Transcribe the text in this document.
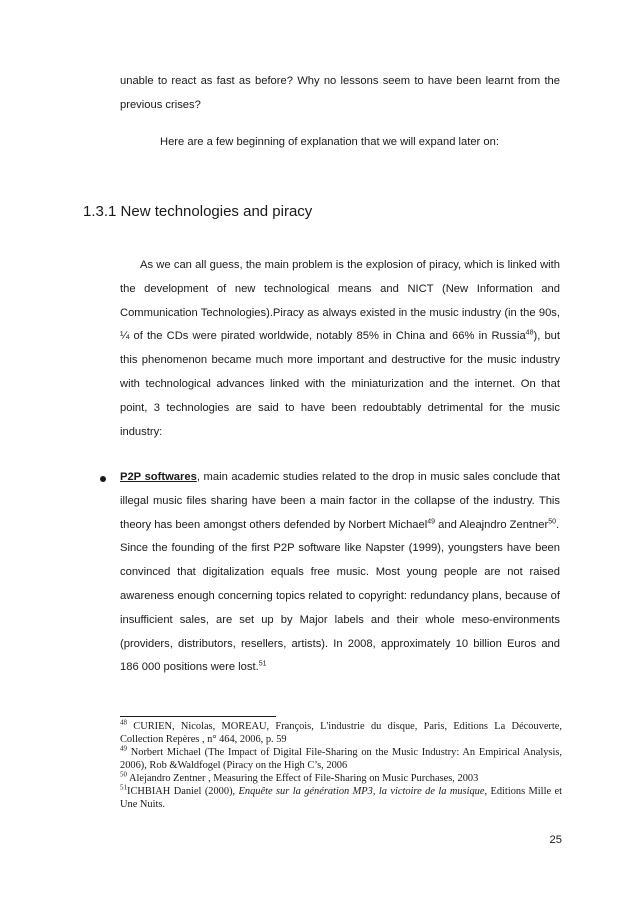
unable to react as fast as before? Why no lessons seem to have been learnt from the previous crises?

Here are a few beginning of explanation that we will expand later on:

1.3.1 New technologies and piracy

As we can all guess, the main problem is the explosion of piracy, which is linked with the development of new technological means and NICT (New Information and Communication Technologies).Piracy as always existed in the music industry (in the 90s, ¼ of the CDs were pirated worldwide, notably 85% in China and 66% in Russia$^{48}$), but this phenomenon became much more important and destructive for the music industry with technological advances linked with the miniaturization and the internet. On that point, 3 technologies are said to have been redoubtably detrimental for the music industry:

P2P softwares, main academic studies related to the drop in music sales conclude that illegal music files sharing have been a main factor in the collapse of the industry. This theory has been amongst others defended by Norbert Michael$^{49}$ and Aleajndro Zentner$^{50}$.
Since the founding of the first P2P software like Napster (1999), youngsters have been convinced that digitalization equals free music. Most young people are not raised awareness enough concerning topics related to copyright: redundancy plans, because of insufficient sales, are set up by Major labels and their whole meso-environments (providers, distributors, resellers, artists). In 2008, approximately 10 billion Euros and 186 000 positions were lost.$^{51}$

$^{48}$ CURIEN, Nicolas, MOREAU, François, L'industrie du disque, Paris, Editions La Découverte, Collection Repères , n° 464, 2006, p. 59

$^{49}$ Norbert Michael (The Impact of Digital File-Sharing on the Music Industry: An Empirical Analysis, 2006), Rob &Waldfogel (Piracy on the High C’s, 2006

$^{50}$ Alejandro Zentner , Measuring the Effect of File-Sharing on Music Purchases, 2003

$^{51}$ICHBIAH Daniel (2000), Enquête sur la génération MP3, la victoire de la musique, Editions Mille et Une Nuits.

25
